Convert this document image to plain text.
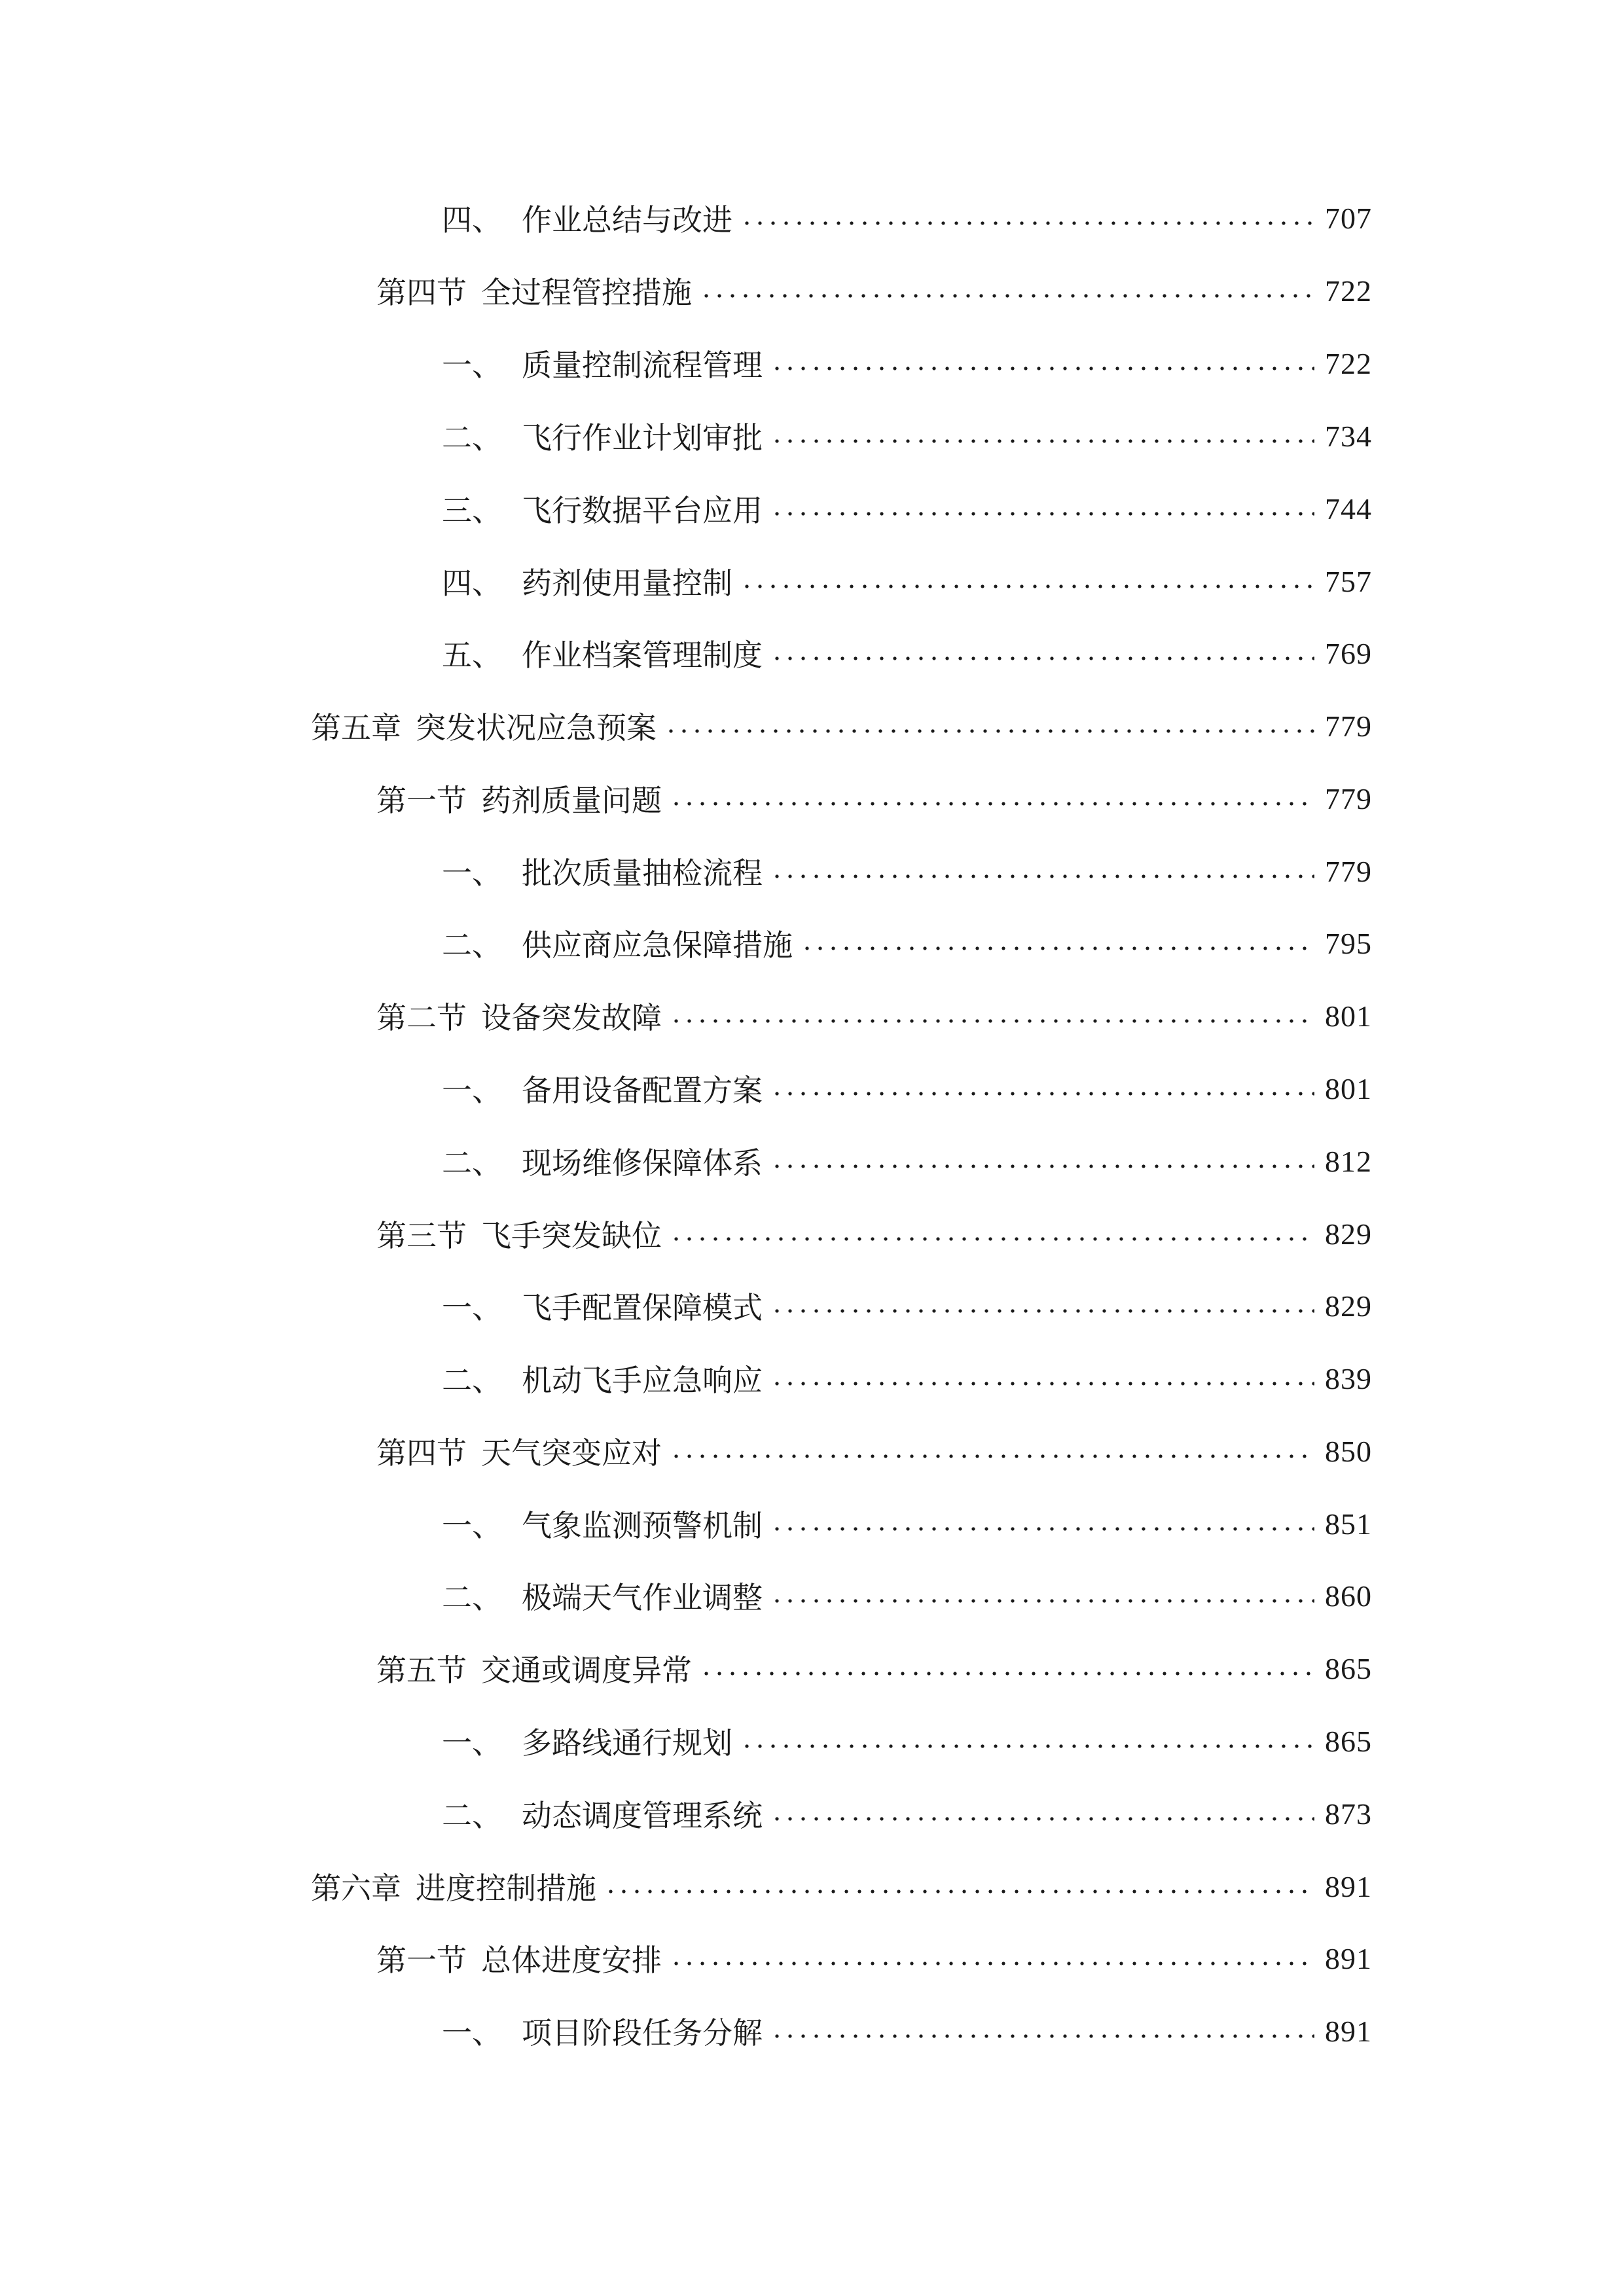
四、 作业总结与改进	707
第四节 全过程管控措施	722
一、 质量控制流程管理	722
二、 飞行作业计划审批	734
三、 飞行数据平台应用	744
四、 药剂使用量控制	757
五、 作业档案管理制度	769
第五章 突发状况应急预案	779
第一节 药剂质量问题	779
一、 批次质量抽检流程	779
二、 供应商应急保障措施	795
第二节 设备突发故障	801
一、 备用设备配置方案	801
二、 现场维修保障体系	812
第三节 飞手突发缺位	829
一、 飞手配置保障模式	829
二、 机动飞手应急响应	839
第四节 天气突变应对	850
一、 气象监测预警机制	851
二、 极端天气作业调整	860
第五节 交通或调度异常	865
一、 多路线通行规划	865
二、 动态调度管理系统	873
第六章 进度控制措施	891
第一节 总体进度安排	891
一、 项目阶段任务分解	891
